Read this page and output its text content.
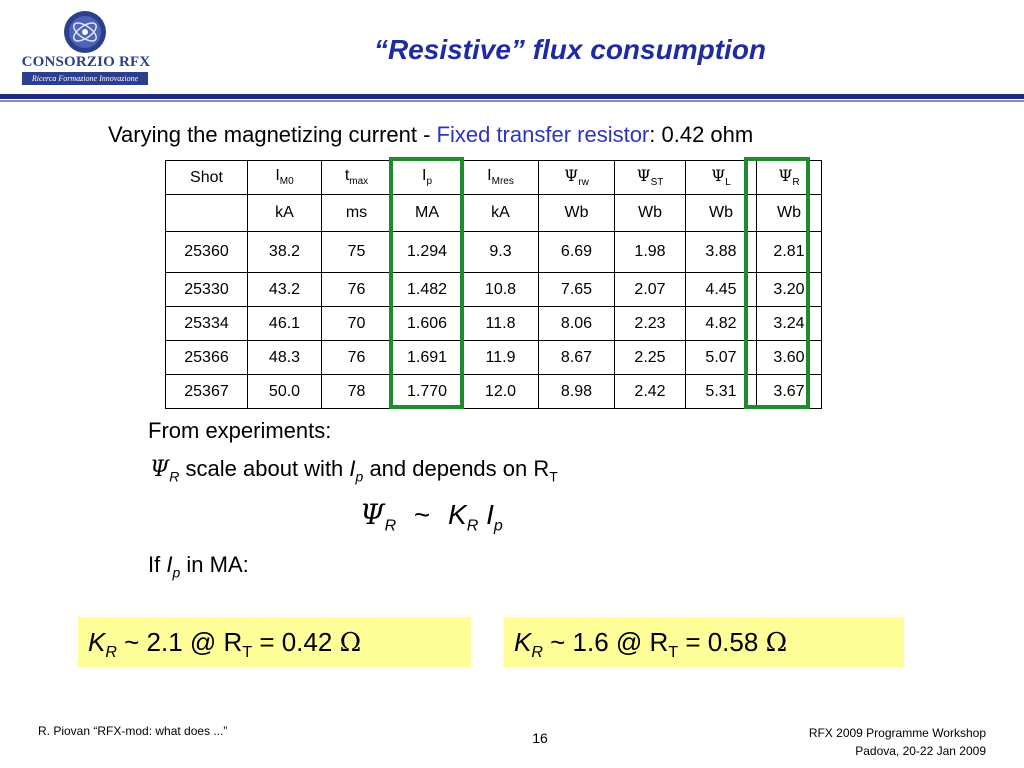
CONSORZIO RFX
Ricerca Formazione Innovazione
“Resistive” flux consumption
Varying the magnetizing current - Fixed transfer resistor: 0.42 ohm
Shot	$I_{M0}$	$t_{max}$	$I_p$	$I_{Mres}$	$\Psi_{rw}$	$\Psi_{ST}$	$\Psi_L$	$\Psi_R$
	kA	ms	MA	kA	Wb	Wb	Wb	Wb
25360	38.2	75	1.294	9.3	6.69	1.98	3.88	2.81
25330	43.2	76	1.482	10.8	7.65	2.07	4.45	3.20
25334	46.1	70	1.606	11.8	8.06	2.23	4.82	3.24
25366	48.3	76	1.691	11.9	8.67	2.25	5.07	3.60
25367	50.0	78	1.770	12.0	8.98	2.42	5.31	3.67
From experiments:
$\Psi_R$ scale about with $I_p$ and depends on $R_T$
$\Psi_R$ ~ $K_R$ $I_p$
If $I_p$ in MA:
$K_R$ ~ 2.1 @ $R_T = 0.42$ Ω	$K_R$ ~ 1.6 @ $R_T = 0.58$ Ω
R. Piovan “RFX-mod: what does ...”	16	RFX 2009 Programme Workshop
Padova, 20-22 Jan 2009
